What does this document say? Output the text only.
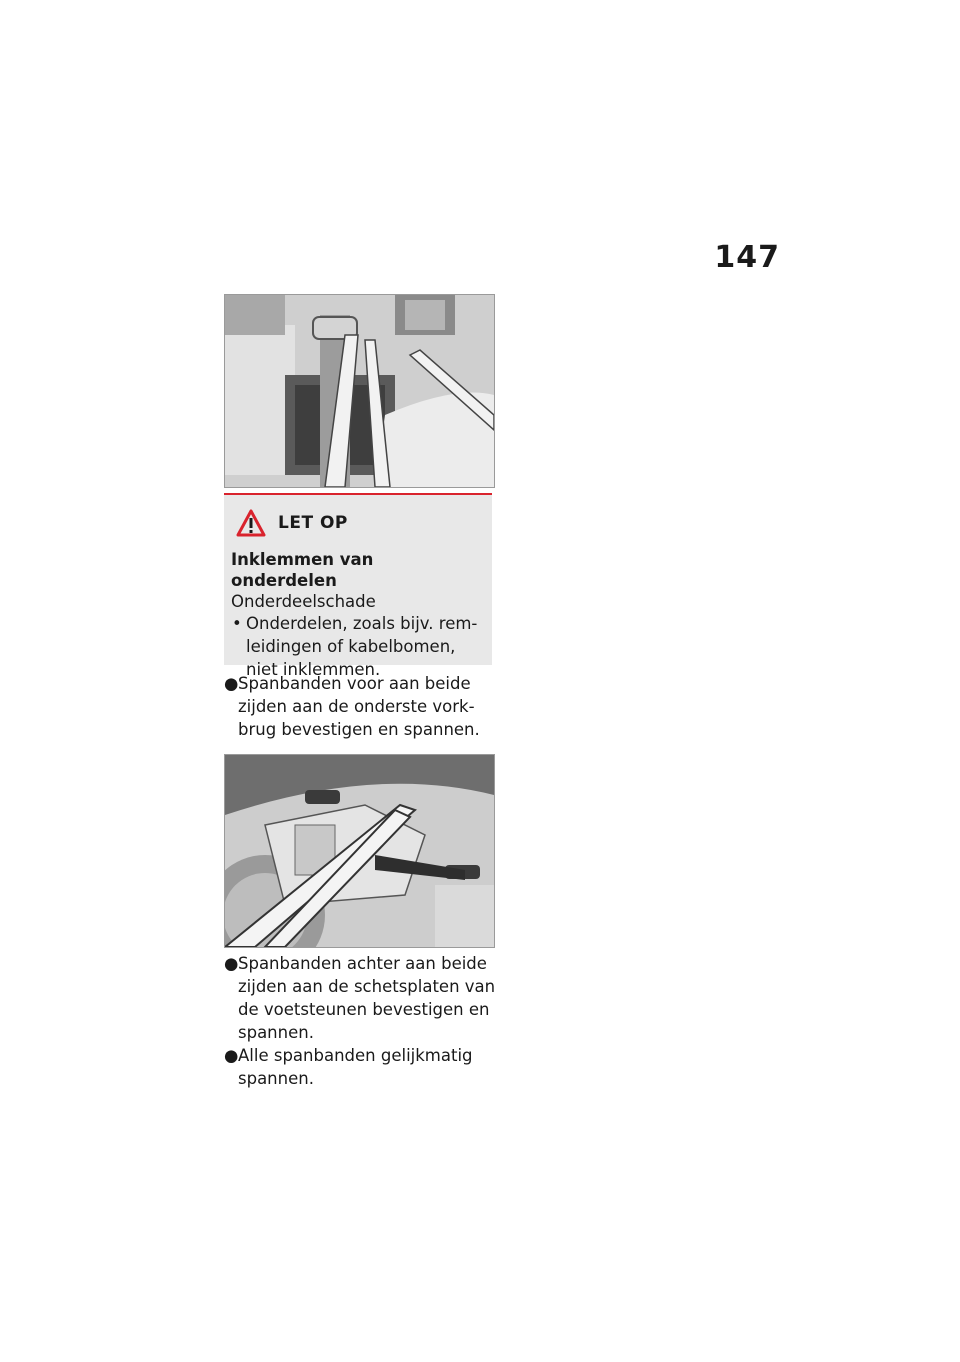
147
LET OP
Inklemmen van onderdelen
Onderdeelschade
• Onderdelen, zoals bijv. rem-
leidingen of kabelbomen,
niet inklemmen.
● Spanbanden voor aan beide
zijden aan de onderste vork-
brug bevestigen en spannen.
● Spanbanden achter aan beide
zijden aan de schetsplaten van
de voetsteunen bevestigen en
spannen.
● Alle spanbanden gelijkmatig
spannen.
